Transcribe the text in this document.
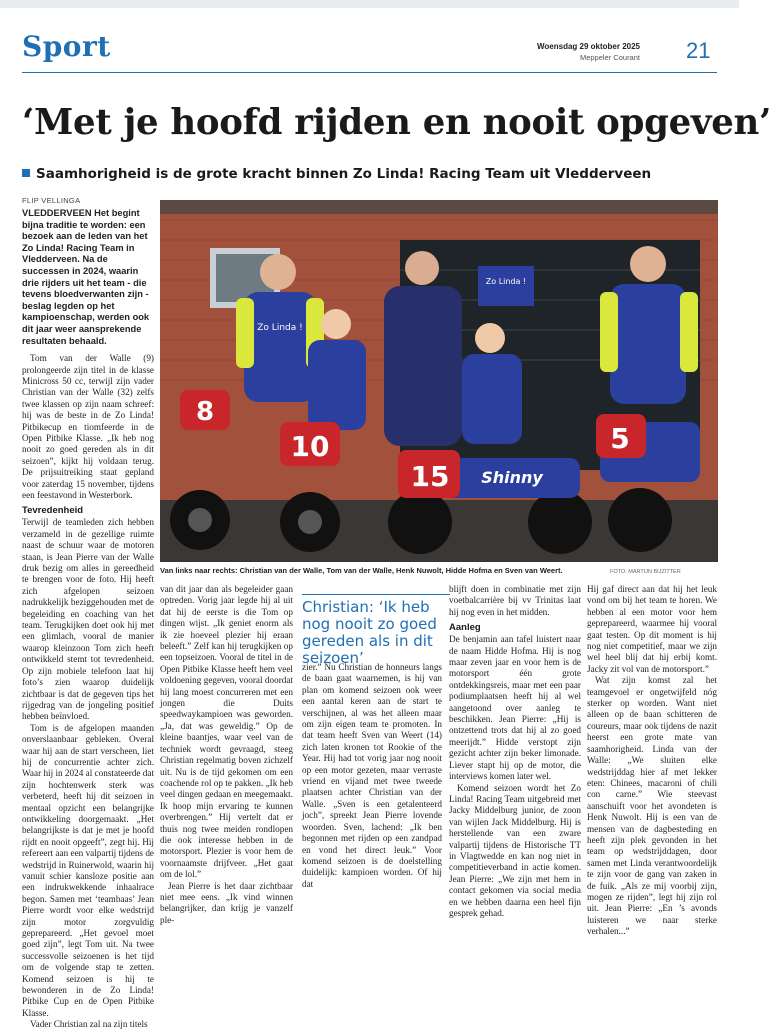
Sport	Woensdag 29 oktober 2025
Meppeler Courant 21
‘Met je hoofd rijden en nooit opgeven’
Saamhorigheid is de grote kracht binnen Zo Linda! Racing Team uit Vledderveen
FLIP VELLINGA

VLEDDERVEEN Het begint bijna traditie te worden: een bezoek aan de leden van het Zo Linda! Racing Team in Vledderveen. Na de successen in 2024, waarin drie rijders uit het team - die tevens bloedverwanten zijn - beslag legden op het kampioenschap, werden ook dit jaar weer aansprekende resultaten behaald.

Tom van der Walle (9) prolongeerde zijn titel in de klasse Minicross 50 cc, terwijl zijn vader Christian van der Walle (32) zelfs twee klassen op zijn naam schreef: hij was de beste in de Zo Linda! Pitbikecup en tiomfeerde in de Open Pitbike Klasse. „Ik heb nog nooit zo goed gereden als in dit seizoen”, kijkt hij voldaan terug. De prijsuitreiking staat gepland voor zaterdag 15 november, tijdens een feestavond in Westerbork.

Tevredenheid

Terwijl de teamleden zich hebben verzameld in de gezellige ruimte naast de schuur waar de motoren staan, is Jean Pierre van der Walle druk bezig om alles in gereedheid te brengen voor de foto. Hij heeft zich afgelopen seizoen nadrukkelijk beziggehouden met de begeleiding en coaching van het team. Terugkijken doet ook hij met een glimlach, vooral de manier waarop kleinzoon Tom zich heeft ontwikkeld stemt tot tevredenheid. Op zijn mobiele telefoon laat hij foto’s zien waarop duidelijk zichtbaar is dat de gegeven tips het rijgedrag van de jongeling positief hebben beïnvloed.

Tom is de afgelopen maanden onverslaanbaar gebleken. Overal waar hij aan de start verscheen, liet hij de concurrentie achter zich. Waar hij in 2024 al constateerde dat zijn hochtenwerk sterk was verbeterd, heeft hij dit seizoen in mentaal opzicht een belangrijke ontwikkeling doorgemaakt. „Het belangrijkste is dat je met je hoofd rijdt en nooit opgeeft”, zegt hij. Hij refereert aan een valpartij tijdens de wedstrijd in Ruinerwold, waarin hij vanuit schier kansloze positie aan een indrukwekkende inhaalrace begon. Samen met ‘teambaas’ Jean Pierre wordt voor elke wedstrijd zijn motor zorgvuldig geprepareerd. „Het gevoel moet goed zijn”, legt Tom uit. Na twee successvolle seizoenen is het tijd om de volgende stap te zetten. Komend seizoen is hij te bewonderen in de Zo Linda! Pitbike Cup en de Open Pitbike Klasse.

Vader Christian zal na zijn titels

Zo Linda !
Zo Linda !
8
10
15 Shinny
5
Van links naar rechts: Christian van der Walle, Tom van der Walle, Henk Nuwolt, Hidde Hofma en Sven van Weert.	FOTO: MARTIJN BIJZITTER

van dit jaar dan als begeleider gaan optreden. Vorig jaar legde hij al uit dat hij de eerste is die Tom op dingen wijst. „Ik geniet enorm als ik zie hoeveel plezier hij eraan beleeft.” Zelf kan hij terugkijken op een topseizoen. Vooral de titel in de Open Pitbike Klasse heeft hem veel voldoening gegeven, vooral doordat hij lang moest concurreren met een jongen die Duits speedwaykampioen was geworden. „Ja, dat was geweldig.” Op de kleine baantjes, waar veel van de techniek wordt gevraagd, steeg Christian regelmatig boven zichzelf uit. Nu is de tijd gekomen om een coachende rol op te pakken. „Ik heb veel dingen gedaan en meegemaakt. Ik hoop mijn ervaring te kunnen overbrengen.” Hij vertelt dat er thuis nog twee meiden rondlopen die ook interesse hebben in de motorsport. Plezier is voor hem de voornaamste drijfveer. „Het gaat om de lol.”

Jean Pierre is het daar zichtbaar niet mee eens. „Ik vind winnen belangrijker, dan krijg je vanzelf ple-

Christian: ‘Ik heb nog nooit zo goed gereden als in dit seizoen’

zier.” Nu Christian de honneurs langs de baan gaat waarnemen, is hij van plan om komend seizoen ook weer een aantal keren aan de start te verschijnen, al was het alleen maar om zijn eigen team te promoten. In dat team heeft Sven van Weert (14) zich laten kronen tot Rookie of the Year. Hij had tot vorig jaar nog nooit op een motor gezeten, maar verraste vriend en vijand met twee tweede plaatsen achter Christian van der Walle. „Sven is een getalenteerd joch”, spreekt Jean Pierre lovende woorden. Sven, lachend: „Ik ben begonnen met rijden op een zandpad en vond het direct leuk.” Voor komend seizoen is de doelstelling duidelijk: kampioen worden. Of hij dat

blijft doen in combinatie met zijn voetbalcarrière bij vv Trinitas laat hij nog even in het midden.

Aanleg

De benjamin aan tafel luistert naar de naam Hidde Hofma. Hij is nog maar zeven jaar en voor hem is de motorsport één grote ontdekkingsreis, maar met een paar podiumplaatsen heeft hij al wel aangetoond over aanleg te beschikken. Jean Pierre: „Hij is ontzettend trots dat hij al zo goed meerijdt.” Hidde verstopt zijn gezicht achter zijn beker limonade. Liever stapt hij op de motor, die interviews komen later wel.

Komend seizoen wordt het Zo Linda! Racing Team uitgebreid met Jacky Middelburg junior, de zoon van wijlen Jack Middelburg. Hij is herstellende van een zware valpartij tijdens de Historische TT in Vlagtwedde en kan nog niet in competitieverband in actie komen. Jean Pierre: „We zijn met hem in contact gekomen via social media en we hebben daarna een heel fijn gesprek gehad.

Hij gaf direct aan dat hij het leuk vond om bij het team te horen. We hebben al een motor voor hem geprepareerd, waarmee hij vooral gaat testen. Op dit moment is hij nog niet competitief, maar we zijn wel heel blij dat hij erbij komt. Jacky zit vol van de motorsport.”

Wat zijn komst zal het teamgevoel er ongetwijfeld nóg sterker op worden. Want niet alleen op de baan schitteren de coureurs, maar ook tijdens de nazit heerst een grote mate van saamhorigheid. Linda van der Walle: „We sluiten elke wedstrijddag hier af met lekker eten: Chinees, macaroni of chili con carne.” Wie steevast aanschuift voor het avondeten is Henk Nuwolt. Hij is een van de mensen van de dagbesteding en heeft zijn plek gevonden in het team op wedstrijddagen, door samen met Linda verantwoordelijk te zijn voor de gang van zaken in de fuik. „Als ze mij voorbij zijn, mogen ze rijden”, legt hij zijn rol uit. Jean Pierre: „En ’s avonds luisteren we naar sterke verhalen...”
